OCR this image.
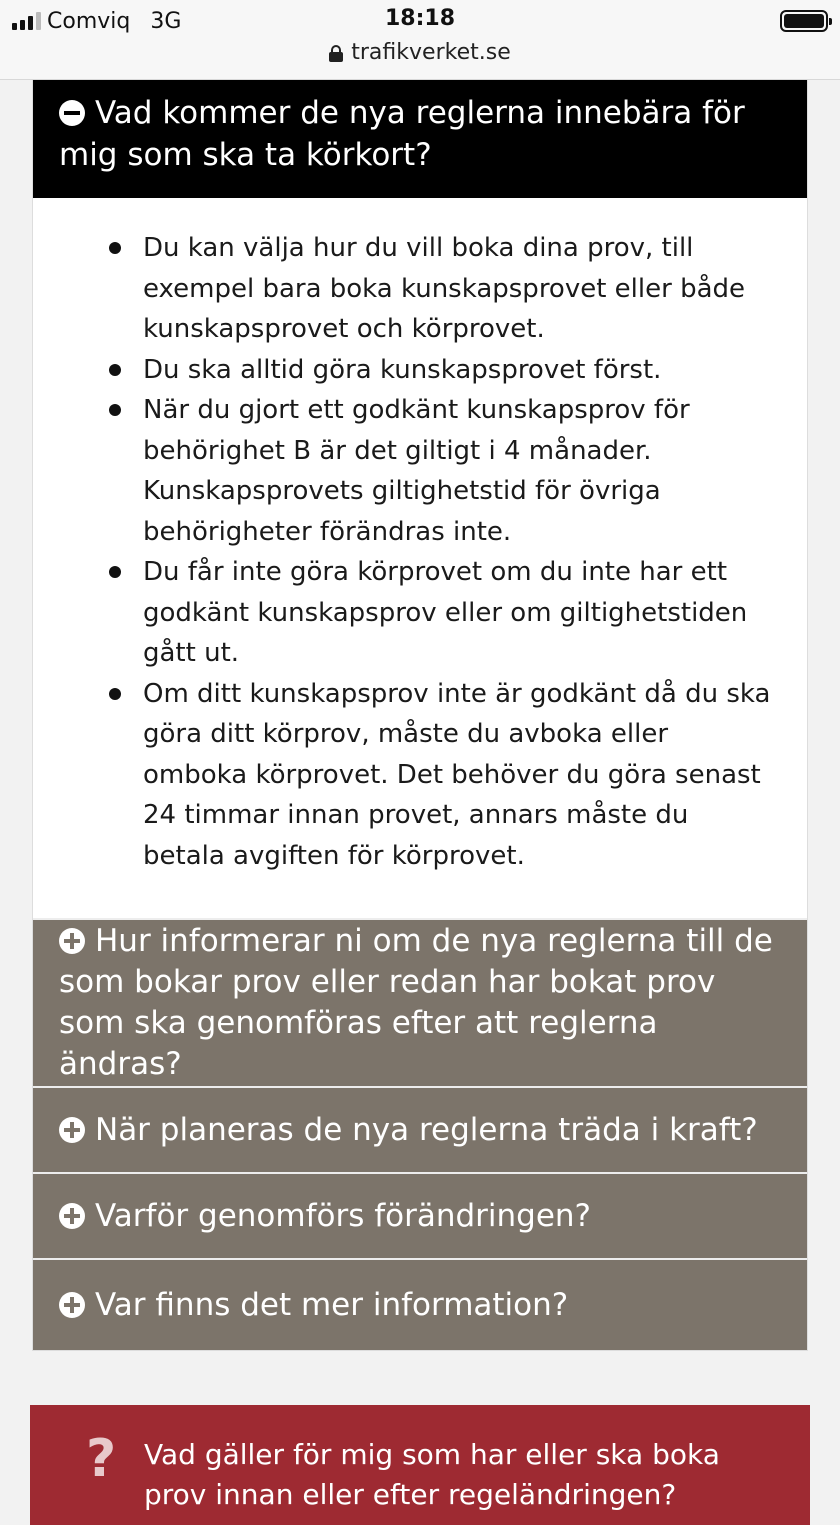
Comviq 3G	18:18
trafikverket.se
Vad kommer de nya reglerna innebära för mig som ska ta körkort?
Du kan välja hur du vill boka dina prov, till exempel bara boka kunskapsprovet eller både kunskapsprovet och körprovet.
Du ska alltid göra kunskapsprovet först.
När du gjort ett godkänt kunskapsprov för behörighet B är det giltigt i 4 månader. Kunskapsprovets giltighetstid för övriga behörigheter förändras inte.
Du får inte göra körprovet om du inte har ett godkänt kunskapsprov eller om giltighetstiden gått ut.
Om ditt kunskapsprov inte är godkänt då du ska göra ditt körprov, måste du avboka eller omboka körprovet. Det behöver du göra senast 24 timmar innan provet, annars måste du betala avgiften för körprovet.
Hur informerar ni om de nya reglerna till de som bokar prov eller redan har bokat prov som ska genomföras efter att reglerna ändras?
När planeras de nya reglerna träda i kraft?
Varför genomförs förändringen?
Var finns det mer information?
? Vad gäller för mig som har eller ska boka prov innan eller efter regeländringen?
